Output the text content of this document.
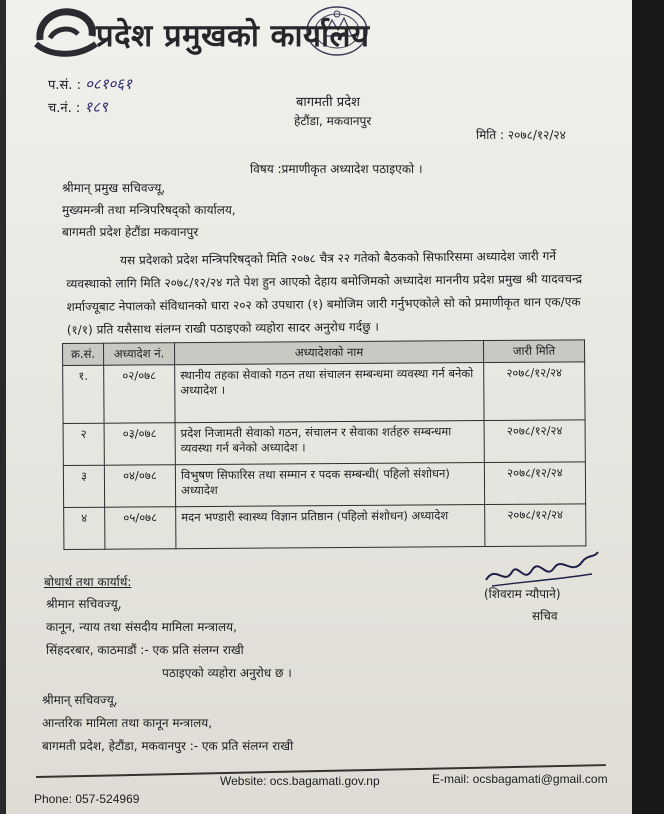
प्रदेश प्रमुखको कार्यालय
प.सं. : ०८१०६१
च.नं. : १८९	बागमती प्रदेश
हेटौंडा, मकवानपुर
मिति : २०७८/१२/२४
विषय :प्रमाणीकृत अध्यादेश पठाइएको ।
श्रीमान् प्रमुख सचिवज्यू,
मुख्यमन्त्री तथा मन्त्रिपरिषद्‌को कार्यालय,
बागमती प्रदेश हेटौंडा मकवानपुर
यस प्रदेशको प्रदेश मन्त्रिपरिषद्‌को मिति २०७८ चैत्र २२ गतेको बैठकको सिफारिसमा अध्यादेश जारी गर्ने व्यवस्थाको लागि मिति २०७८/१२/२४ गते पेश हुन आएको देहाय बमोजिमको अध्यादेश माननीय प्रदेश प्रमुख श्री यादवचन्द्र शर्माज्यूबाट नेपालको संविधानको धारा २०२ को उपधारा (१) बमोजिम जारी गर्नुभएकोले सो को प्रमाणीकृत थान एक/एक (१/१) प्रति यसैसाथ संलग्न राखी पठाइएको व्यहोरा सादर अनुरोध गर्दछु ।
क्र.सं.	अध्यादेश नं.	अध्यादेशको नाम	जारी मिति
१.	०२/०७८	स्थानीय तहका सेवाको गठन तथा संचालन सम्बन्धमा व्यवस्था गर्न बनेको अध्यादेश ।	२०७८/१२/२४
२	०३/०७८	प्रदेश निजामती सेवाको गठन, संचालन र सेवाका शर्तहरु सम्बन्धमा व्यवस्था गर्न बनेको अध्यादेश ।	२०७८/१२/२४
३	०४/०७८	विभुषण सिफारिस तथा सम्मान र पदक सम्बन्धी( पहिलो संशोधन) अध्यादेश	२०७८/१२/२४
४	०५/०७८	मदन भण्डारी स्वास्थ्य विज्ञान प्रतिष्ठान (पहिलो संशोधन) अध्यादेश	२०७८/१२/२४
बोधार्थ तथा कार्यार्थ:
श्रीमान सचिवज्यू,
कानून, न्याय तथा संसदीय मामिला मन्त्रालय,
सिंहदरबार, काठमाडौं :- एक प्रति संलग्न राखी
पठाइएको व्यहोरा अनुरोध छ ।
श्रीमान् सचिवज्यू,
आन्तरिक मामिला तथा कानून मन्त्रालय,
बागमती प्रदेश, हेटौंडा, मकवानपुर :- एक प्रति संलग्न राखी
(शिवराम न्यौपाने)
सचिव
Phone: 057-524969
Website: ocs.bagamati.gov.np	E-mail: ocsbagamati@gmail.com
